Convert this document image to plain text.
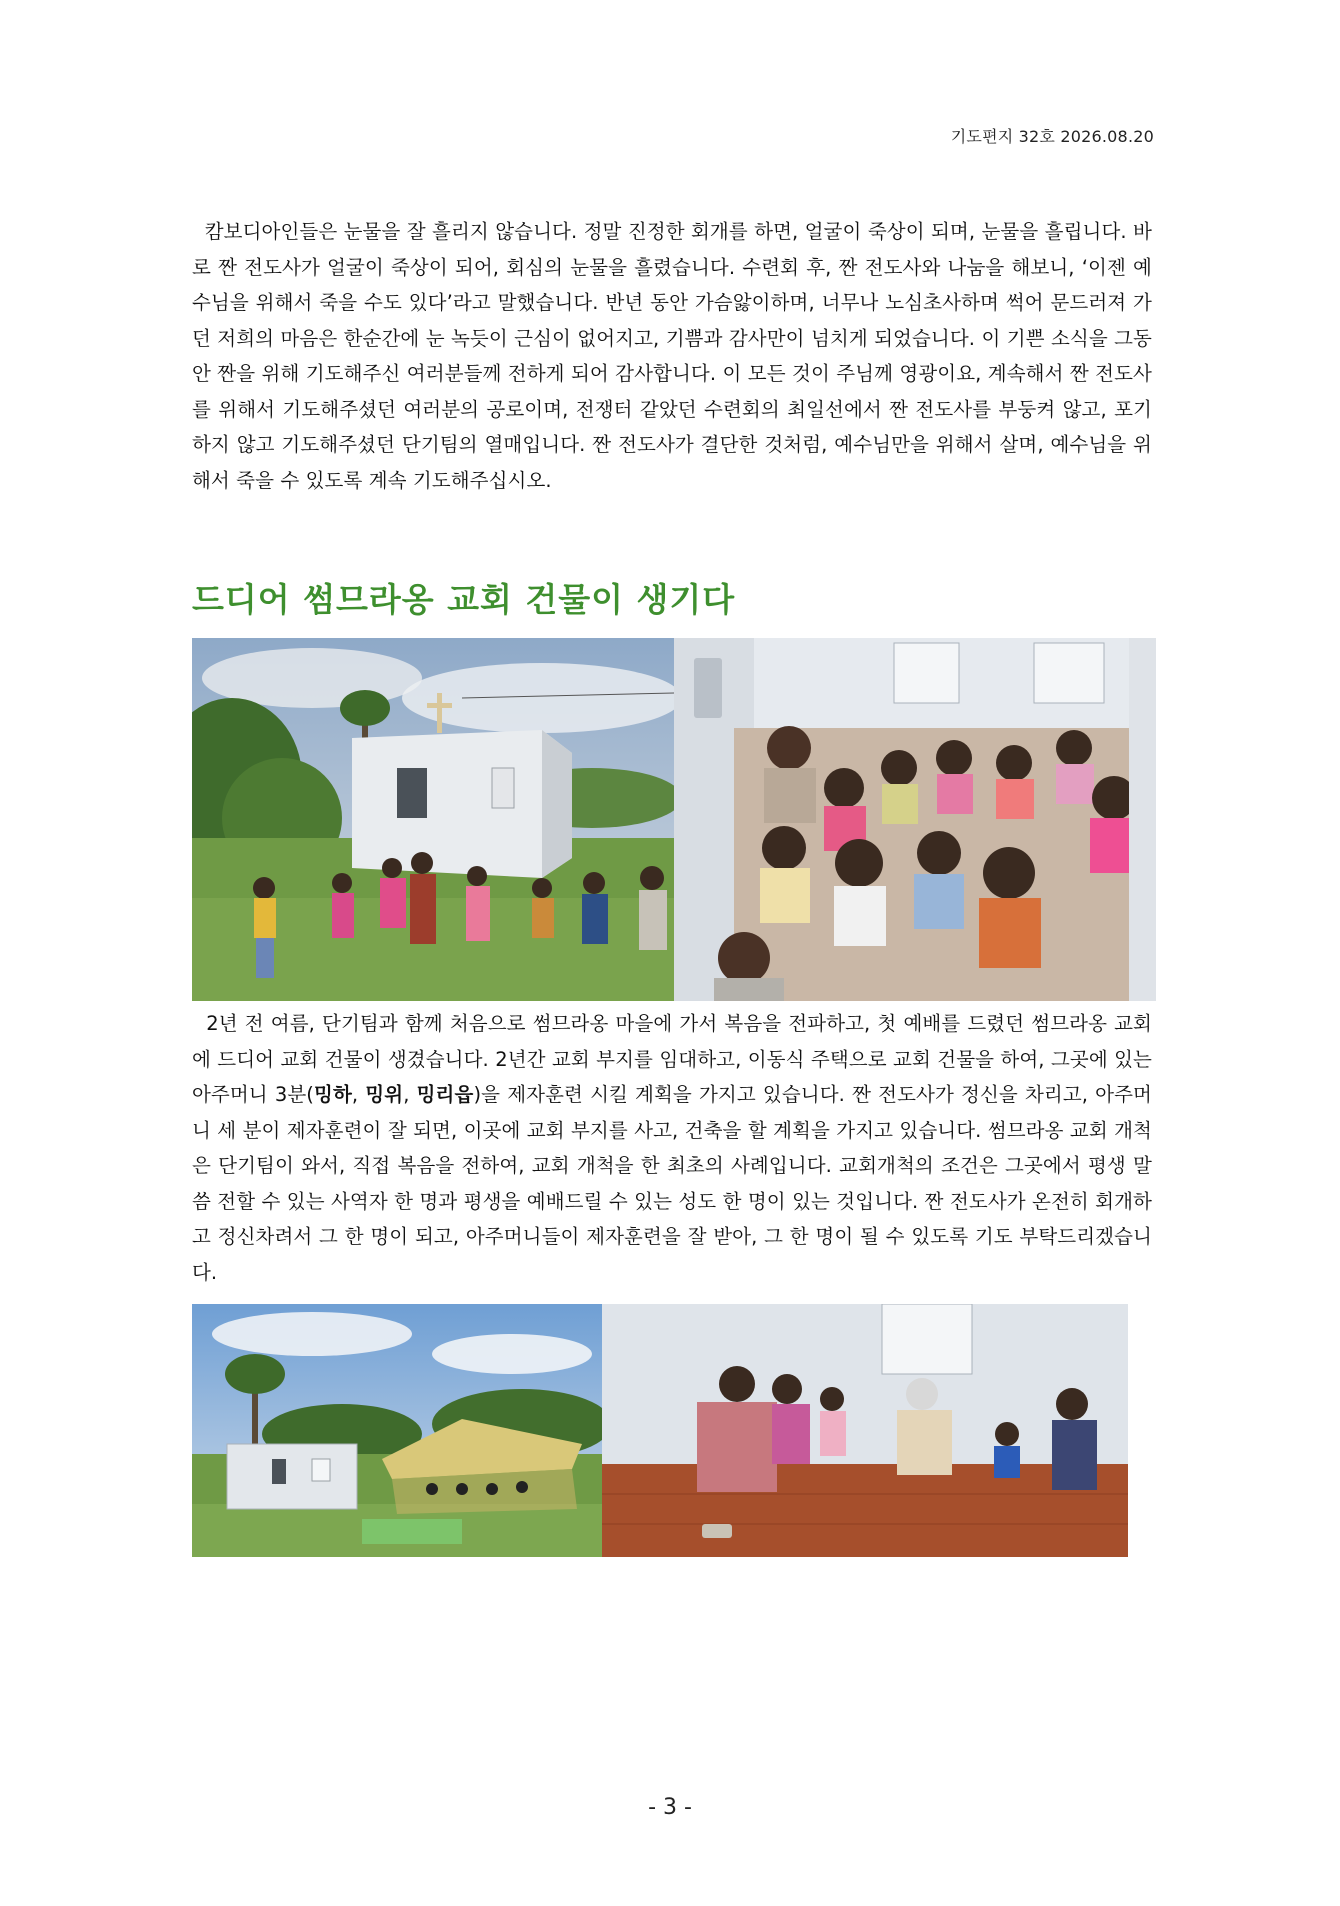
기도편지 32호 2026.08.20

캄보디아인들은 눈물을 잘 흘리지 않습니다. 정말 진정한 회개를 하면, 얼굴이 죽상이 되며, 눈물을 흘립니다. 바로 짠 전도사가 얼굴이 죽상이 되어, 회심의 눈물을 흘렸습니다. 수련회 후, 짠 전도사와 나눔을 해보니, ‘이젠 예수님을 위해서 죽을 수도 있다’라고 말했습니다. 반년 동안 가슴앓이하며, 너무나 노심초사하며 썩어 문드러져 가던 저희의 마음은 한순간에 눈 녹듯이 근심이 없어지고, 기쁨과 감사만이 넘치게 되었습니다. 이 기쁜 소식을 그동안 짠을 위해 기도해주신 여러분들께 전하게 되어 감사합니다. 이 모든 것이 주님께 영광이요, 계속해서 짠 전도사를 위해서 기도해주셨던 여러분의 공로이며, 전쟁터 같았던 수련회의 최일선에서 짠 전도사를 부둥켜 않고, 포기하지 않고 기도해주셨던 단기팀의 열매입니다. 짠 전도사가 결단한 것처럼, 예수님만을 위해서 살며, 예수님을 위해서 죽을 수 있도록 계속 기도해주십시오.

드디어 썸므라옹 교회 건물이 생기다

2년 전 여름, 단기팀과 함께 처음으로 썸므라옹 마을에 가서 복음을 전파하고, 첫 예배를 드렸던 썸므라옹 교회에 드디어 교회 건물이 생겼습니다. 2년간 교회 부지를 임대하고, 이동식 주택으로 교회 건물을 하여, 그곳에 있는 아주머니 3분(밍하, 밍위, 밍리읍)을 제자훈련 시킬 계획을 가지고 있습니다. 짠 전도사가 정신을 차리고, 아주머니 세 분이 제자훈련이 잘 되면, 이곳에 교회 부지를 사고, 건축을 할 계획을 가지고 있습니다. 썸므라옹 교회 개척은 단기팀이 와서, 직접 복음을 전하여, 교회 개척을 한 최초의 사례입니다. 교회개척의 조건은 그곳에서 평생 말씀 전할 수 있는 사역자 한 명과 평생을 예배드릴 수 있는 성도 한 명이 있는 것입니다. 짠 전도사가 온전히 회개하고 정신차려서 그 한 명이 되고, 아주머니들이 제자훈련을 잘 받아, 그 한 명이 될 수 있도록 기도 부탁드리겠습니다.

- 3 -
